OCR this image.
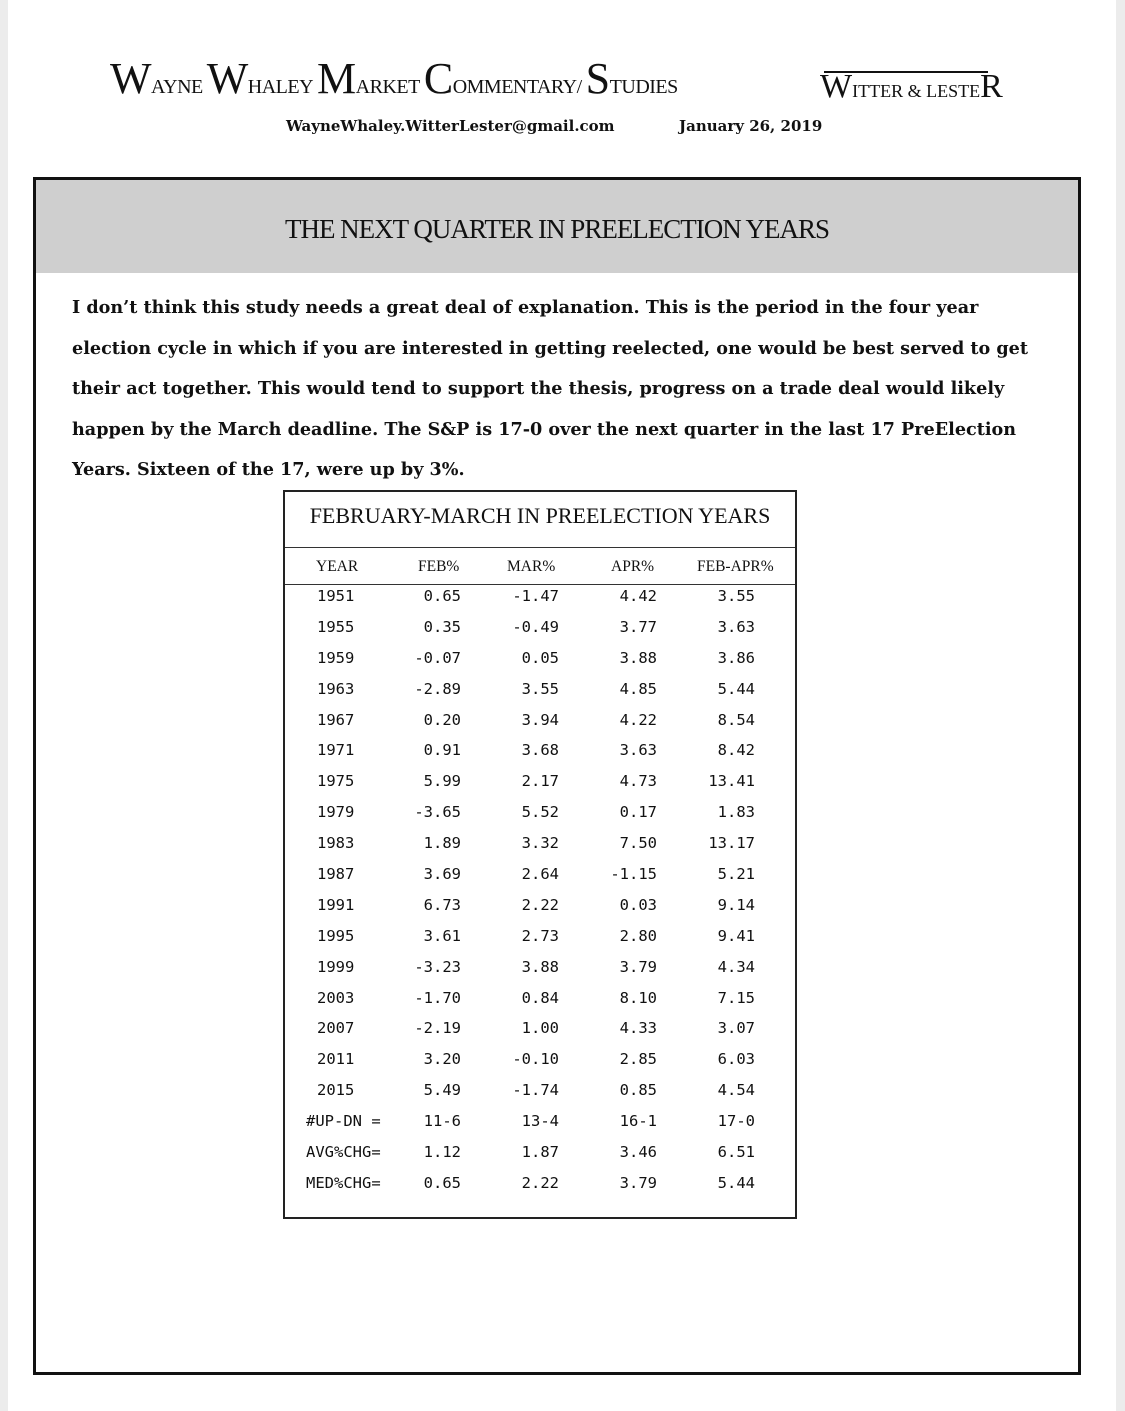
WAYNEWHALEYMARKETCOMMENTARY/STUDIES	WITTER & LESTER
WayneWhaley.WitterLester@gmail.com	January 26, 2019
THE NEXT QUARTER IN PREELECTION YEARS

I don’t think this study needs a great deal of explanation. This is the period in the four year election cycle in which if you are interested in getting reelected, one would be best served to get their act together. This would tend to support the thesis, progress on a trade deal would likely happen by the March deadline. The S&P is 17-0 over the next quarter in the last 17 PreElection Years. Sixteen of the 17, were up by 3%.

FEBRUARY-MARCH IN PREELECTION YEARS
YEAR	FEB%	MAR%	APR%	FEB-APR%
1951	0.65	-1.47	4.42	3.55
1955	0.35	-0.49	3.77	3.63
1959	-0.07	0.05	3.88	3.86
1963	-2.89	3.55	4.85	5.44
1967	0.20	3.94	4.22	8.54
1971	0.91	3.68	3.63	8.42
1975	5.99	2.17	4.73	13.41
1979	-3.65	5.52	0.17	1.83
1983	1.89	3.32	7.50	13.17
1987	3.69	2.64	-1.15	5.21
1991	6.73	2.22	0.03	9.14
1995	3.61	2.73	2.80	9.41
1999	-3.23	3.88	3.79	4.34
2003	-1.70	0.84	8.10	7.15
2007	-2.19	1.00	4.33	3.07
2011	3.20	-0.10	2.85	6.03
2015	5.49	-1.74	0.85	4.54
#UP-DN =	11-6	13-4	16-1	17-0
AVG%CHG=	1.12	1.87	3.46	6.51
MED%CHG=	0.65	2.22	3.79	5.44
